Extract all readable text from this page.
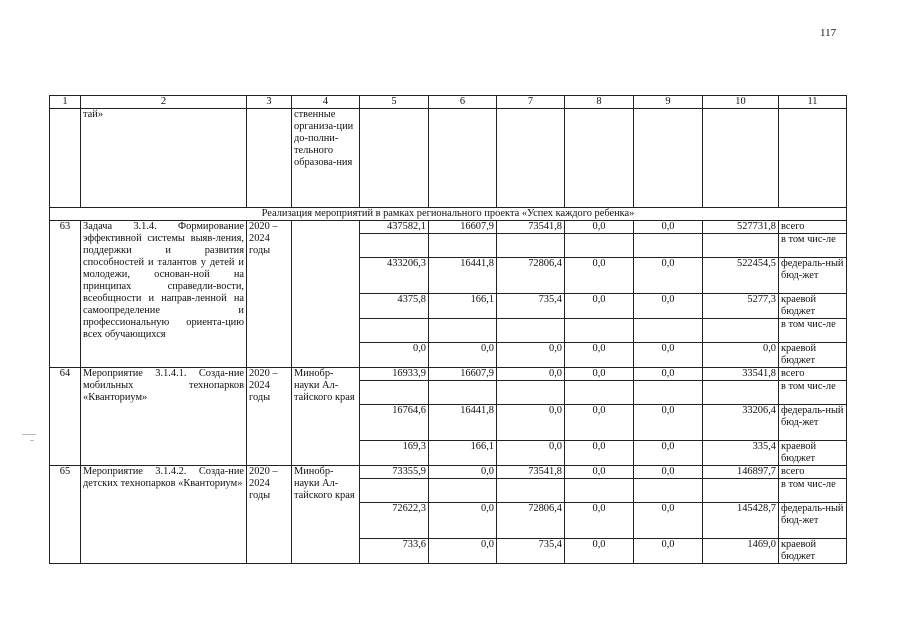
117
1	2	3	4	5	6	7	8	9	10	11
	тай»		ственные организа-ции до-полни-тельного образова-ния							
Реализация мероприятий в рамках регионального проекта «Успех каждого ребенка»										
63	Задача 3.1.4. Формирование эффективной системы выяв-ления, поддержки и развития способностей и талантов у детей и молодежи, основан-ной на принципах справедли-вости, всеобщности и направ-ленной на самоопределение и профессиональную ориента-цию всех обучающихся	2020 – 2024 годы		437582,1	16607,9	73541,8	0,0	0,0	527731,8	всего
										в том чис-ле
				433206,3	16441,8	72806,4	0,0	0,0	522454,5	федераль-ный бюд-жет
				4375,8	166,1	735,4	0,0	0,0	5277,3	краевой бюджет
										в том чис-ле
				0,0	0,0	0,0	0,0	0,0	0,0	краевой бюджет
64	Мероприятие 3.1.4.1. Созда-ние мобильных технопарков «Кванториум»	2020 – 2024 годы	Минобр-науки Ал-тайского края	16933,9	16607,9	0,0	0,0	0,0	33541,8	всего
										в том чис-ле
				16764,6	16441,8	0,0	0,0	0,0	33206,4	федераль-ный бюд-жет
				169,3	166,1	0,0	0,0	0,0	335,4	краевой бюджет
65	Мероприятие 3.1.4.2. Созда-ние детских технопарков «Кванториум»	2020 – 2024 годы	Минобр-науки Ал-тайского края	73355,9	0,0	73541,8	0,0	0,0	146897,7	всего
										в том чис-ле
				72622,3	0,0	72806,4	0,0	0,0	145428,7	федераль-ный бюд-жет
				733,6	0,0	735,4	0,0	0,0	1469,0	краевой бюджет
